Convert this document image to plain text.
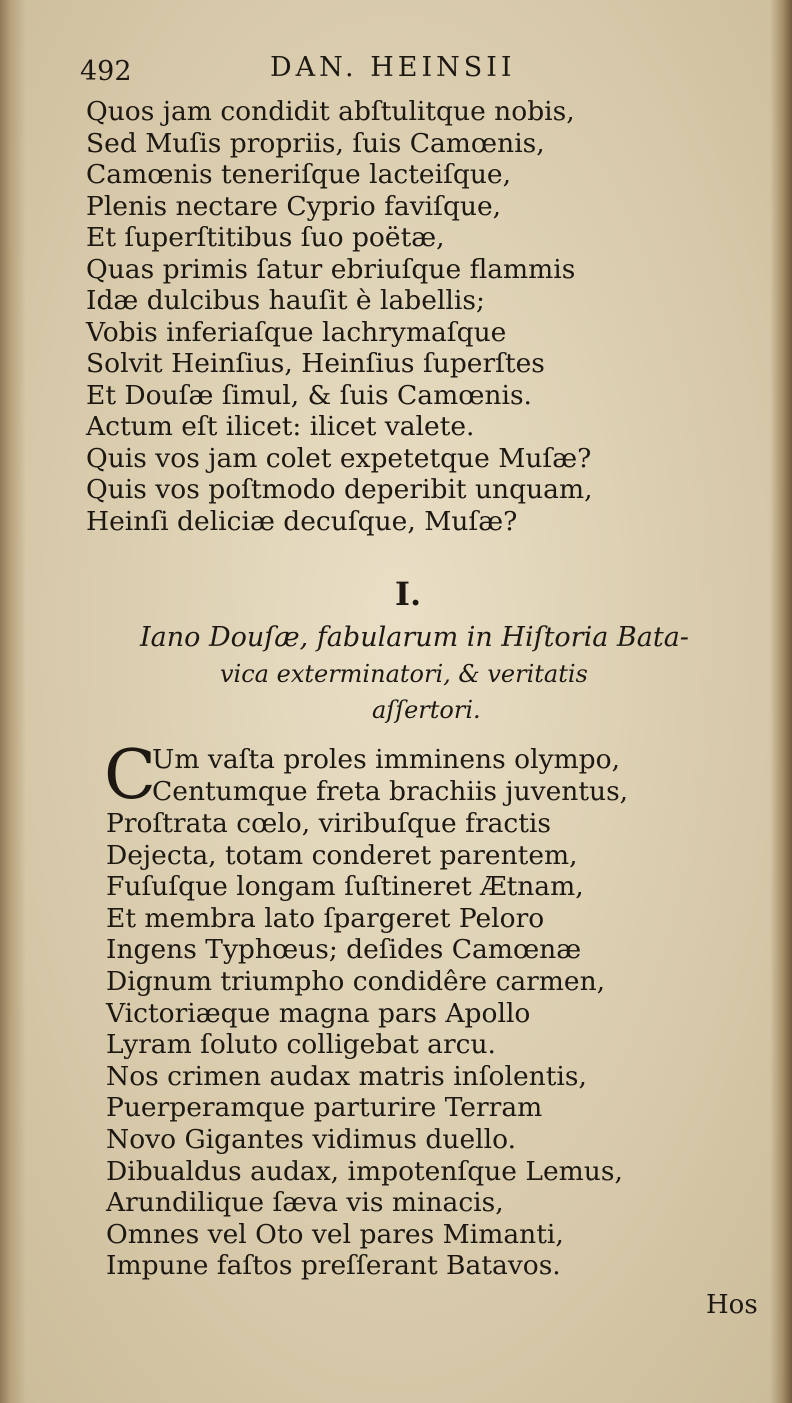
492	DAN. HEINSII
Quos jam condidit abſtulitque nobis,
Sed Muſis propriis, ſuis Camœnis,
Camœnis teneriſque lacteiſque,
Plenis nectare Cyprio faviſque,
Et ſuperſtitibus ſuo poëtæ,
Quas primis ſatur ebriuſque flammis
Idæ dulcibus hauſit è labellis;
Vobis inferiaſque lachrymaſque
Solvit Heinſius, Heinſius ſuperſtes
Et Douſæ ſimul, & ſuis Camœnis.
Actum eſt ilicet: ilicet valete.
Quis vos jam colet expetetque Muſæ?
Quis vos poſtmodo deperibit unquam,
Heinſi deliciæ decuſque, Muſæ?
I.
Iano Douſæ, fabularum in Hiſtoria Bata-
vica exterminatori, & veritatis
aſſertori.
C
Um vaſta proles imminens olympo,
Centumque freta brachiis juventus,
Proſtrata cœlo, viribuſque fractis
Dejecta, totam conderet parentem,
Fuſuſque longam ſuſtineret Ætnam,
Et membra lato ſpargeret Peloro
Ingens Typhœus; deſides Camœnæ
Dignum triumpho condidêre carmen,
Victoriæque magna pars Apollo
Lyram ſoluto colligebat arcu.
Nos crimen audax matris inſolentis,
Puerperamque parturire Terram
Novo Gigantes vidimus duello.
Dibualdus audax, impotenſque Lemus,
Arundilique ſæva vis minacis,
Omnes vel Oto vel pares Mimanti,
Impune faſtos preſſerant Batavos.
Hos
